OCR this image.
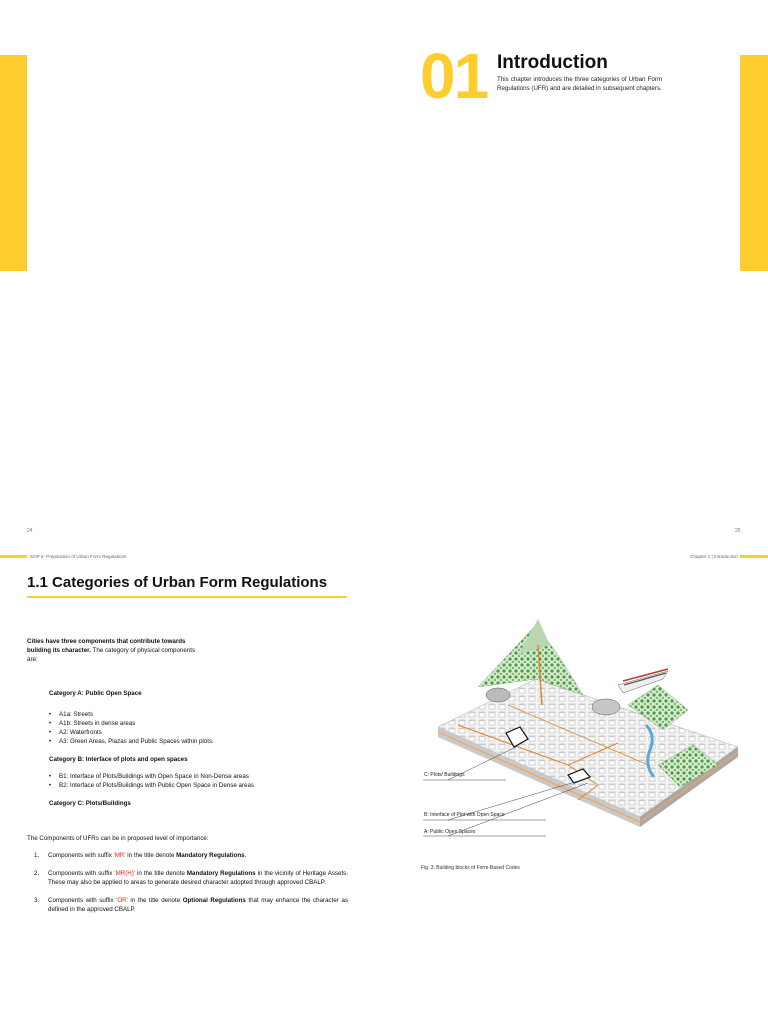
01 Introduction

This chapter introduces the three categories of Urban Form Regulations (UFR) and are detailed in subsequent chapters.

24	25
SOP II- Preparation of Urban Form Regulations	Chapter 1 | Introduction
1.1 Categories of Urban Form Regulations

Cities have three components that contribute towards building its character. The category of physical components are:

Category A: Public Open Space
• A1a: Streets
• A1b: Streets in dense areas
• A2: Waterfronts
• A3: Green Areas, Plazas and Public Spaces within plots.
Category B: Interface of plots and open spaces
• B1: Interface of Plots/Buildings with Open Space in Non-Dense areas
• B2: Interface of Plots/Buildings with Public Open Space in Dense areas
Category C: Plots/Buildings
The Components of UFRs can be in proposed level of importance:
1. Components with suffix 'MR' in the title denote Mandatory Regulations.
2. Components with suffix 'MR(H)' in the title denote Mandatory Regulations in the vicinity of Heritage Assets. These may also be applied to areas to generate desired character adopted through approved CBALP.
3. Components with suffix 'OR' in the title denote Optional Regulations that may enhance the character as defined in the approved CBALP.
C: Plots/ Buildings
B: Interface of Plot with Open Space
A: Public Open Spaces
Fig. 3: Building blocks of Form-Based Codes
